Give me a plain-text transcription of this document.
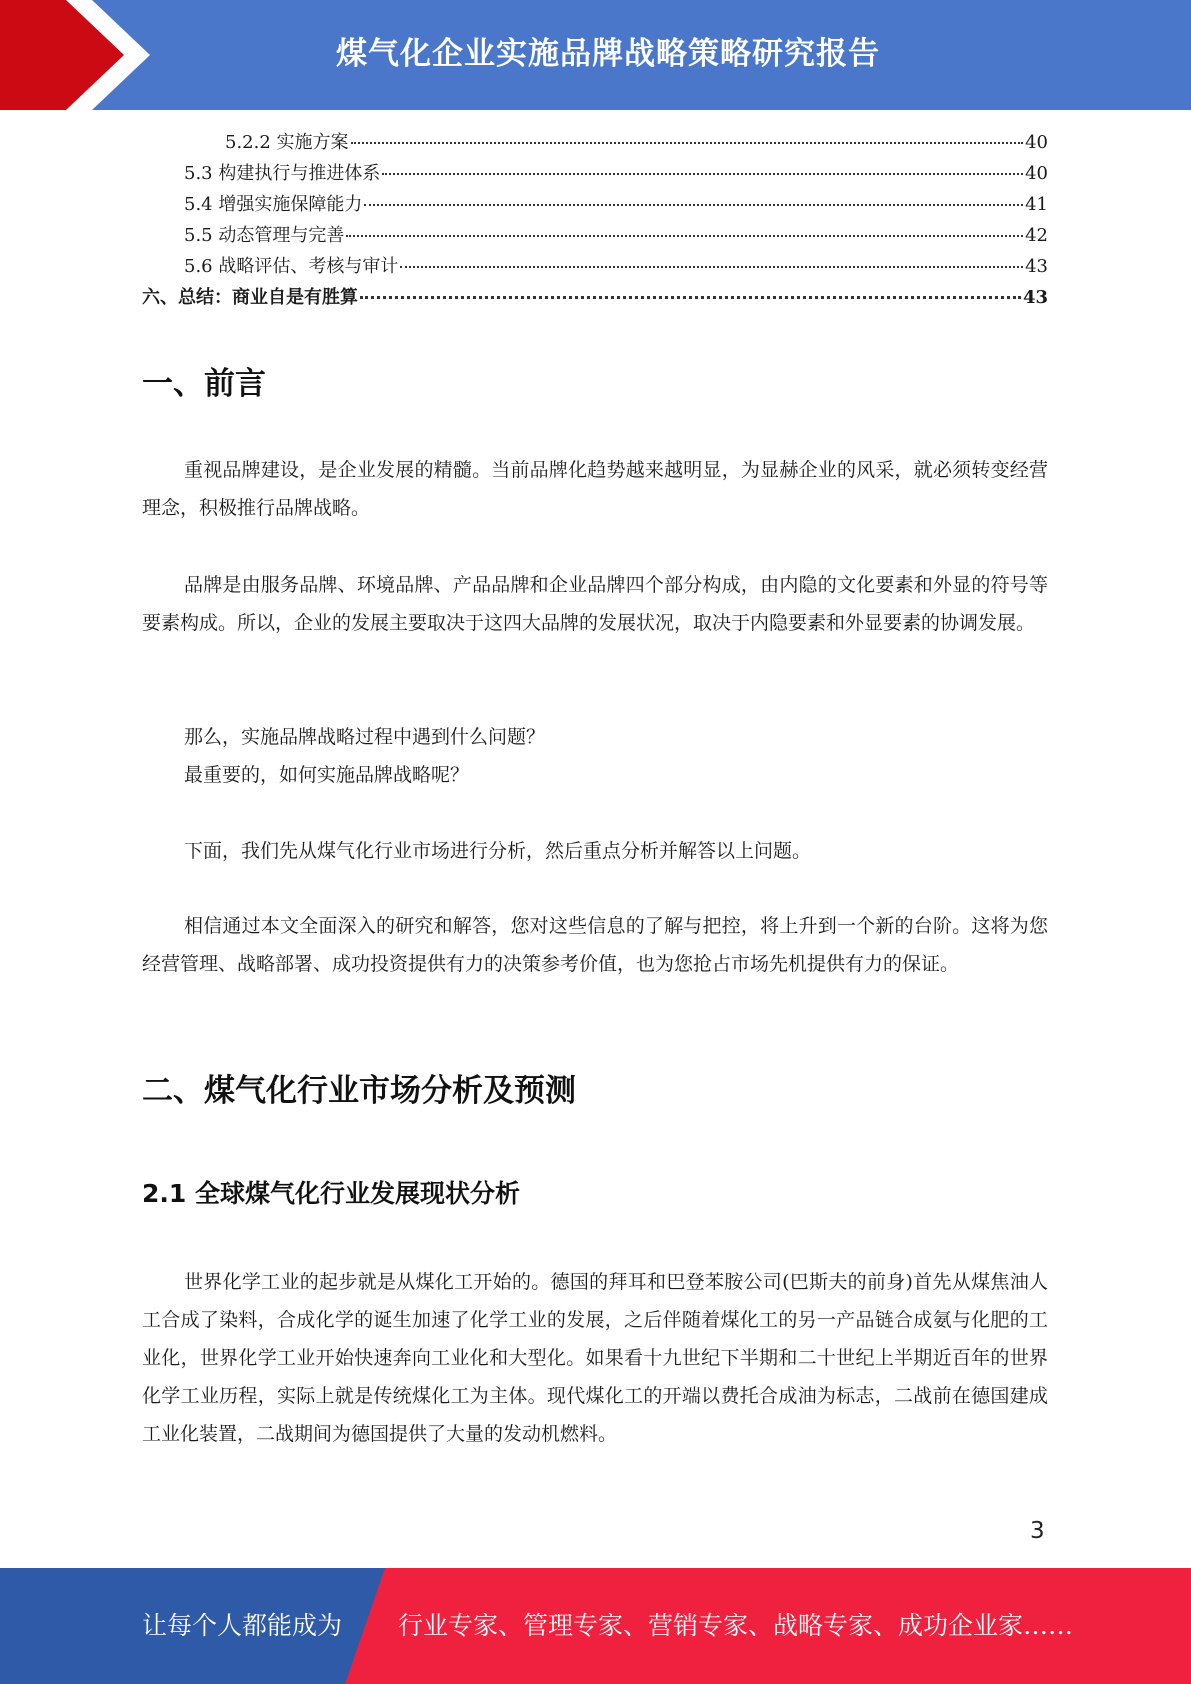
煤气化企业实施品牌战略策略研究报告
5.2.2 实施方案	40
5.3 构建执行与推进体系	40
5.4 增强实施保障能力	41
5.5 动态管理与完善	42
5.6 战略评估、考核与审计	43
六、总结：商业自是有胜算	43
一、前言
重视品牌建设，是企业发展的精髓。当前品牌化趋势越来越明显，为显赫企业的风采，就必须转变经营理念，积极推行品牌战略。
品牌是由服务品牌、环境品牌、产品品牌和企业品牌四个部分构成，由内隐的文化要素和外显的符号等要素构成。所以，企业的发展主要取决于这四大品牌的发展状况，取决于内隐要素和外显要素的协调发展。
那么，实施品牌战略过程中遇到什么问题？
最重要的，如何实施品牌战略呢？
下面，我们先从煤气化行业市场进行分析，然后重点分析并解答以上问题。
相信通过本文全面深入的研究和解答，您对这些信息的了解与把控，将上升到一个新的台阶。这将为您经营管理、战略部署、成功投资提供有力的决策参考价值，也为您抢占市场先机提供有力的保证。
二、煤气化行业市场分析及预测
2.1 全球煤气化行业发展现状分析
世界化学工业的起步就是从煤化工开始的。德国的拜耳和巴登苯胺公司(巴斯夫的前身)首先从煤焦油人工合成了染料，合成化学的诞生加速了化学工业的发展，之后伴随着煤化工的另一产品链合成氨与化肥的工业化，世界化学工业开始快速奔向工业化和大型化。如果看十九世纪下半期和二十世纪上半期近百年的世界化学工业历程，实际上就是传统煤化工为主体。现代煤化工的开端以费托合成油为标志，二战前在德国建成工业化装置，二战期间为德国提供了大量的发动机燃料。
3
让每个人都能成为 行业专家、管理专家、营销专家、战略专家、成功企业家……
